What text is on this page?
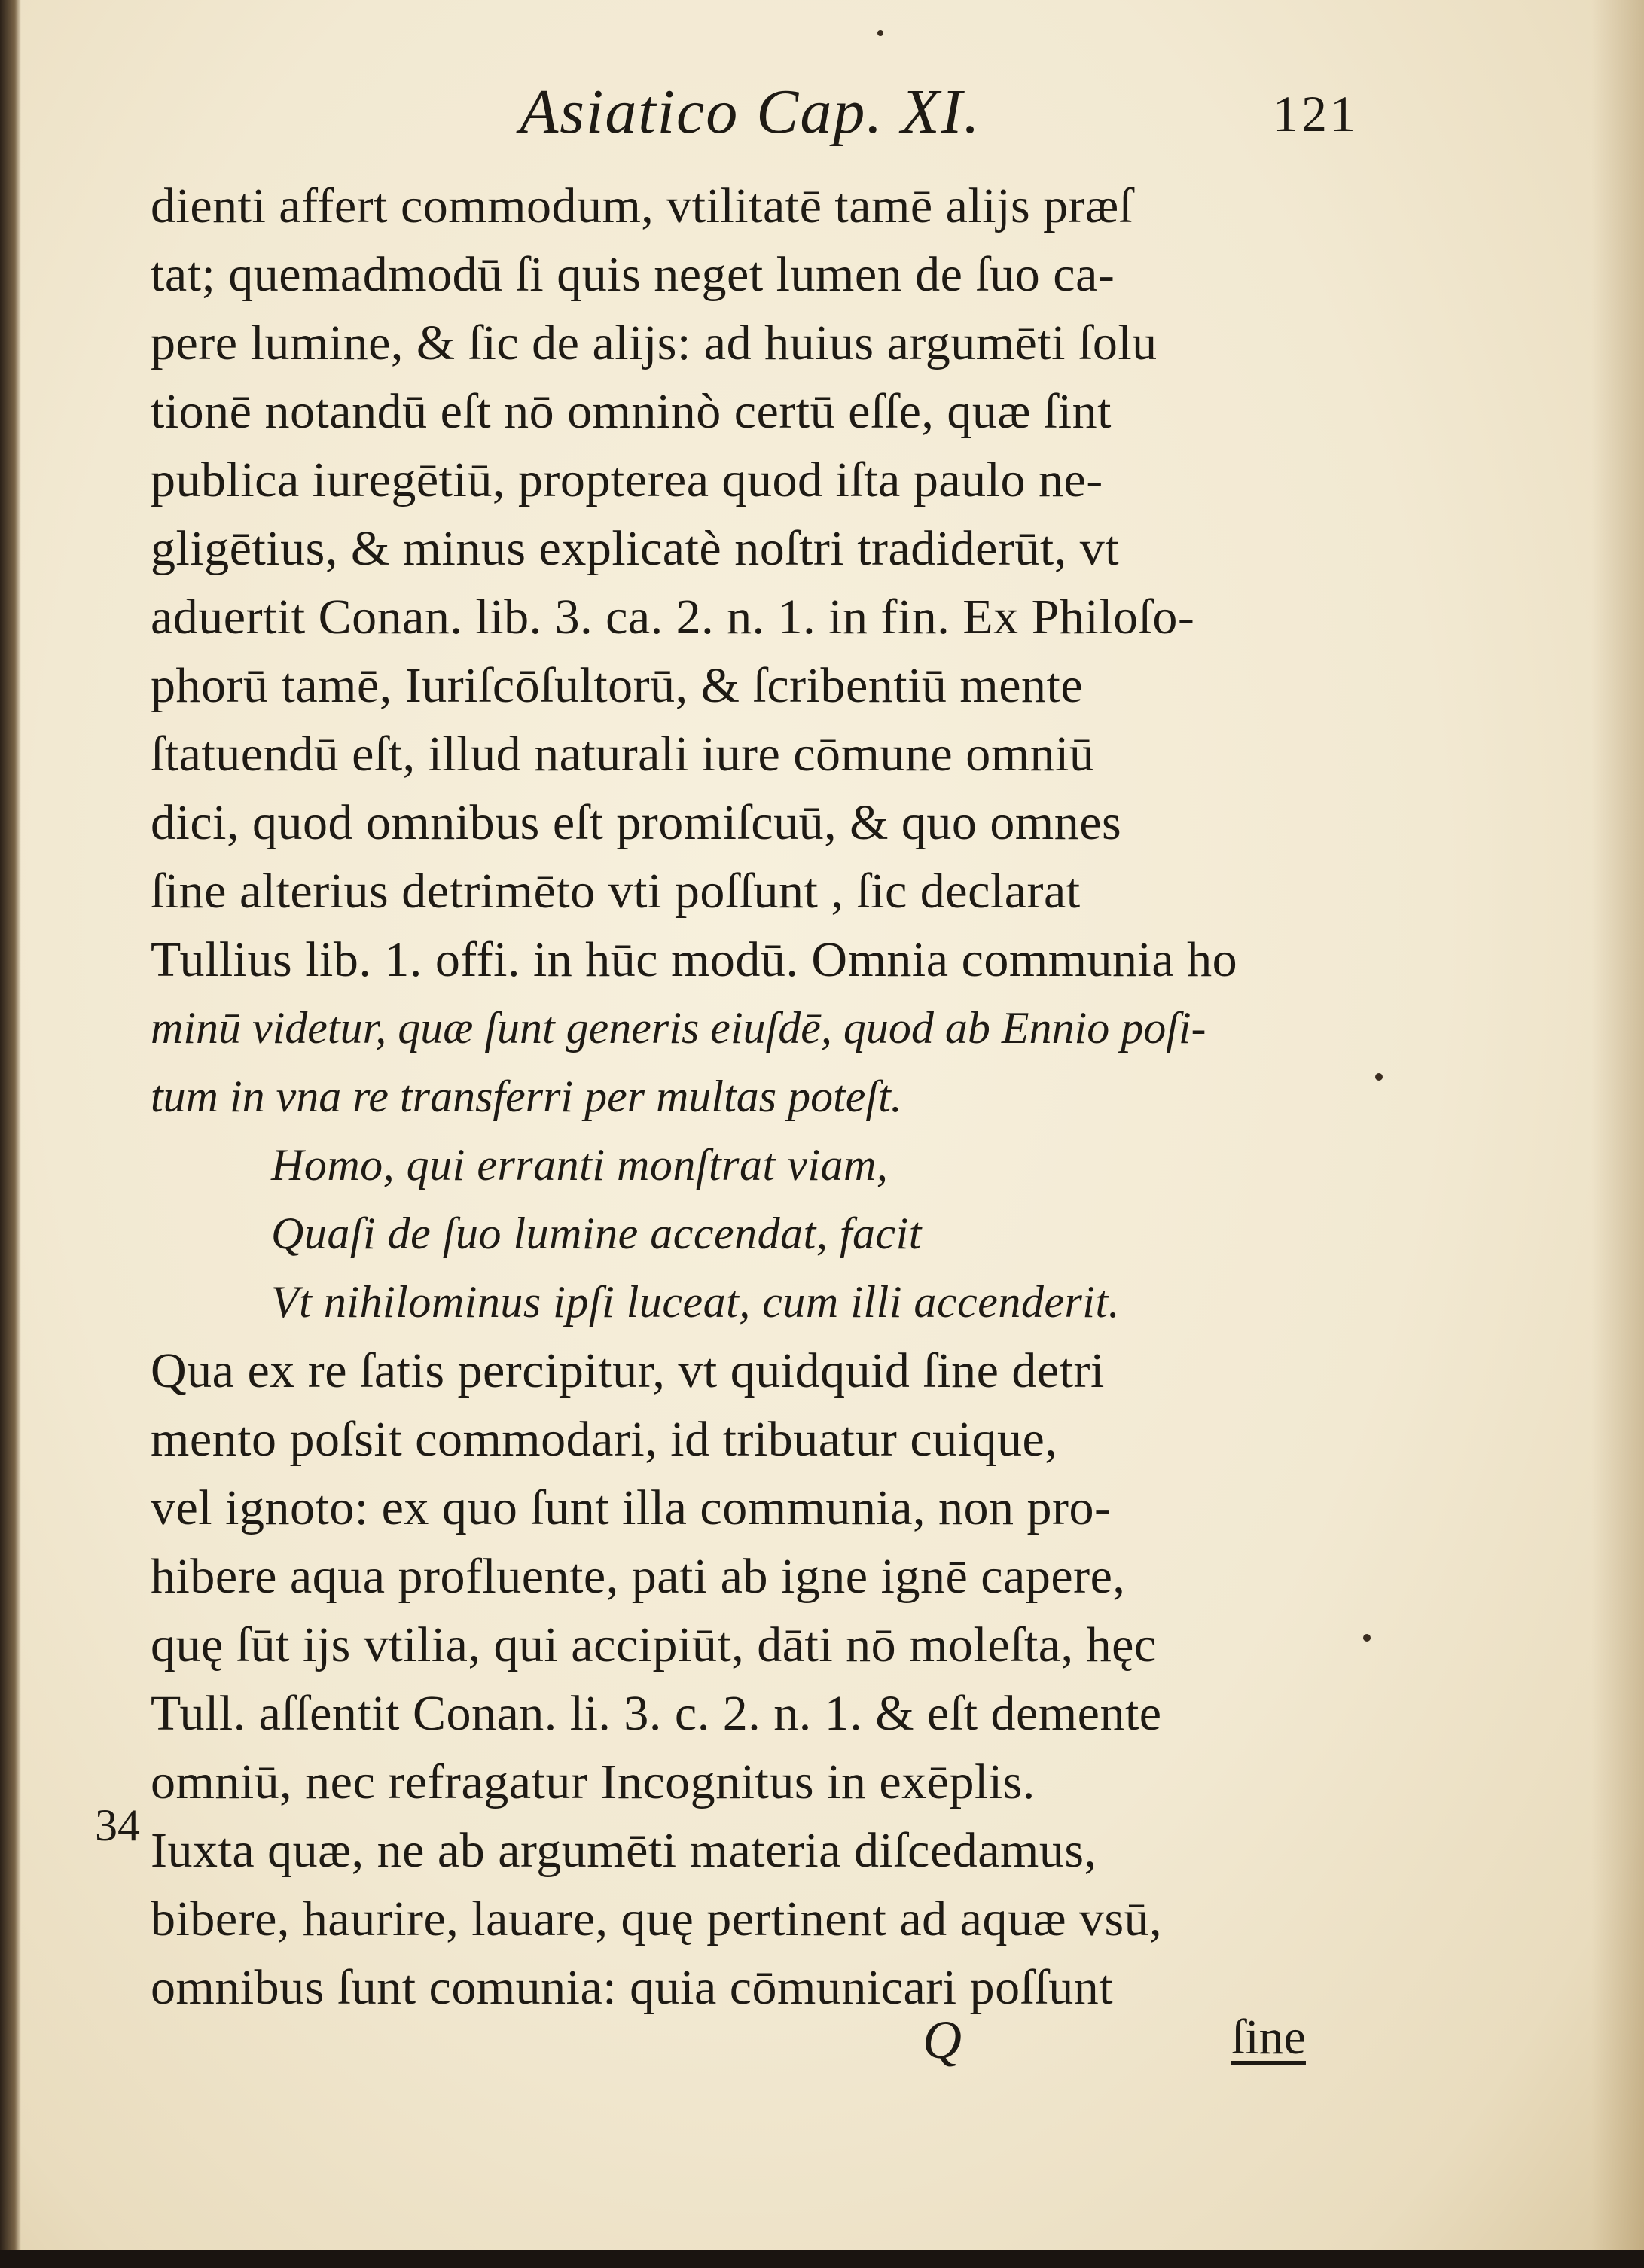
Asiatico Cap. XI.	121
dienti affert commodum, vtilitatē tamē alijs præſ
tat; quemadmodū ſi quis neget lumen de ſuo ca-
pere lumine, & ſic de alijs: ad huius argumēti ſolu
tionē notandū eſt nō omninò certū eſſe, quæ ſint
publica iuregētiū, propterea quod iſta paulo ne-
gligētius, & minus explicatè noſtri tradiderūt, vt
aduertit Conan. lib. 3. ca. 2. n. 1. in fin. Ex Philoſo-
phorū tamē, Iuriſcōſultorū, & ſcribentiū mente
ſtatuendū eſt, illud naturali iure cōmune omniū
dici, quod omnibus eſt promiſcuū, & quo omnes
ſine alterius detrimēto vti poſſunt , ſic declarat
Tullius lib. 1. offi. in hūc modū. Omnia communia ho
minū videtur, quæ ſunt generis eiuſdē, quod ab Ennio poſi-
tum in vna re transferri per multas poteſt.
Homo, qui erranti monſtrat viam,
Quaſi de ſuo lumine accendat, facit
Vt nihilominus ipſi luceat, cum illi accenderit.
Qua ex re ſatis percipitur, vt quidquid ſine detri
mento poſsit commodari, id tribuatur cuique,
vel ignoto: ex quo ſunt illa communia, non pro-
hibere aqua profluente, pati ab igne ignē capere,
quę ſūt ijs vtilia, qui accipiūt, dāti nō moleſta, hęc
Tull. aſſentit Conan. li. 3. c. 2. n. 1. & eſt demente
omniū, nec refragatur Incognitus in exēplis.
Iuxta quæ, ne ab argumēti materia diſcedamus,
bibere, haurire, lauare, quę pertinent ad aquæ vsū,
omnibus ſunt comunia: quia cōmunicari poſſunt
34
Q	ſine
